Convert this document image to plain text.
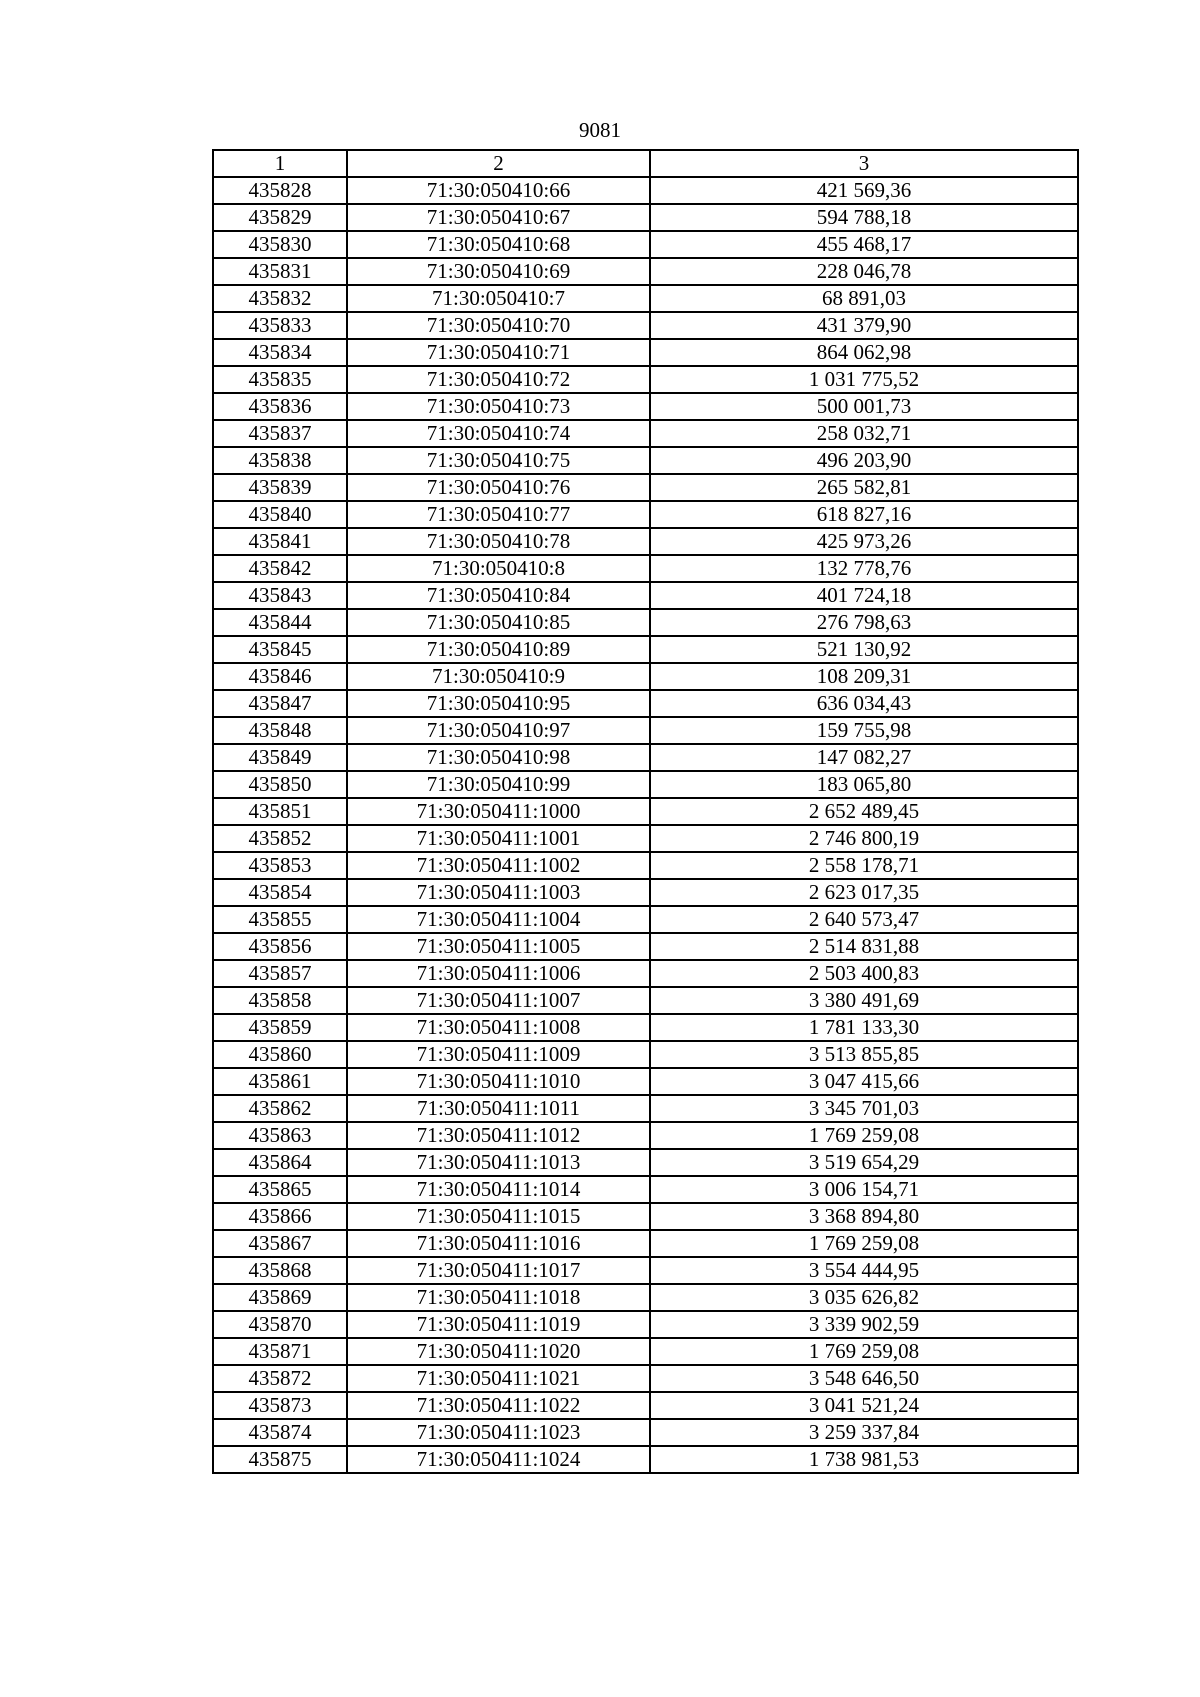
9081
1	2	3
435828	71:30:050410:66	421 569,36
435829	71:30:050410:67	594 788,18
435830	71:30:050410:68	455 468,17
435831	71:30:050410:69	228 046,78
435832	71:30:050410:7	68 891,03
435833	71:30:050410:70	431 379,90
435834	71:30:050410:71	864 062,98
435835	71:30:050410:72	1 031 775,52
435836	71:30:050410:73	500 001,73
435837	71:30:050410:74	258 032,71
435838	71:30:050410:75	496 203,90
435839	71:30:050410:76	265 582,81
435840	71:30:050410:77	618 827,16
435841	71:30:050410:78	425 973,26
435842	71:30:050410:8	132 778,76
435843	71:30:050410:84	401 724,18
435844	71:30:050410:85	276 798,63
435845	71:30:050410:89	521 130,92
435846	71:30:050410:9	108 209,31
435847	71:30:050410:95	636 034,43
435848	71:30:050410:97	159 755,98
435849	71:30:050410:98	147 082,27
435850	71:30:050410:99	183 065,80
435851	71:30:050411:1000	2 652 489,45
435852	71:30:050411:1001	2 746 800,19
435853	71:30:050411:1002	2 558 178,71
435854	71:30:050411:1003	2 623 017,35
435855	71:30:050411:1004	2 640 573,47
435856	71:30:050411:1005	2 514 831,88
435857	71:30:050411:1006	2 503 400,83
435858	71:30:050411:1007	3 380 491,69
435859	71:30:050411:1008	1 781 133,30
435860	71:30:050411:1009	3 513 855,85
435861	71:30:050411:1010	3 047 415,66
435862	71:30:050411:1011	3 345 701,03
435863	71:30:050411:1012	1 769 259,08
435864	71:30:050411:1013	3 519 654,29
435865	71:30:050411:1014	3 006 154,71
435866	71:30:050411:1015	3 368 894,80
435867	71:30:050411:1016	1 769 259,08
435868	71:30:050411:1017	3 554 444,95
435869	71:30:050411:1018	3 035 626,82
435870	71:30:050411:1019	3 339 902,59
435871	71:30:050411:1020	1 769 259,08
435872	71:30:050411:1021	3 548 646,50
435873	71:30:050411:1022	3 041 521,24
435874	71:30:050411:1023	3 259 337,84
435875	71:30:050411:1024	1 738 981,53
